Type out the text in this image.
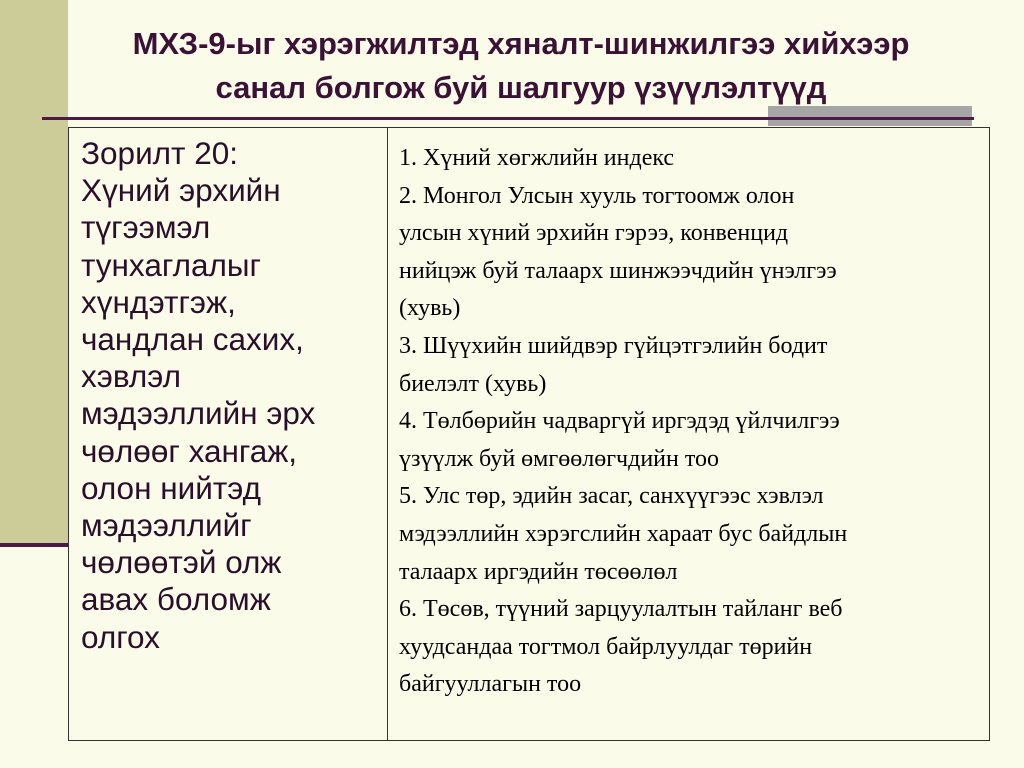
МХЗ-9-ыг хэрэгжилтэд хяналт-шинжилгээ хийхээр
санал болгож буй шалгуур үзүүлэлтүүд
Зорилт 20:
Хүний эрхийн
түгээмэл
тунхаглалыг
хүндэтгэж,
чандлан сахих,
хэвлэл
мэдээллийн эрх
чөлөөг хангаж,
олон нийтэд
мэдээллийг
чөлөөтэй олж
авах боломж
олгох

1. Хүний хөгжлийн индекс
2. Монгол Улсын хууль тогтоомж олон
улсын хүний эрхийн гэрээ, конвенцид
нийцэж буй талаарх шинжээчдийн үнэлгээ
(хувь)
3. Шүүхийн шийдвэр гүйцэтгэлийн бодит
биелэлт (хувь)
4. Төлбөрийн чадваргүй иргэдэд үйлчилгээ
үзүүлж буй өмгөөлөгчдийн тоо
5. Улс төр, эдийн засаг, санхүүгээс хэвлэл
мэдээллийн хэрэгслийн хараат бус байдлын
талаарх иргэдийн төсөөлөл
6. Төсөв, түүний зарцуулалтын тайланг веб
хуудсандаа тогтмол байрлуулдаг төрийн
байгууллагын тоо
